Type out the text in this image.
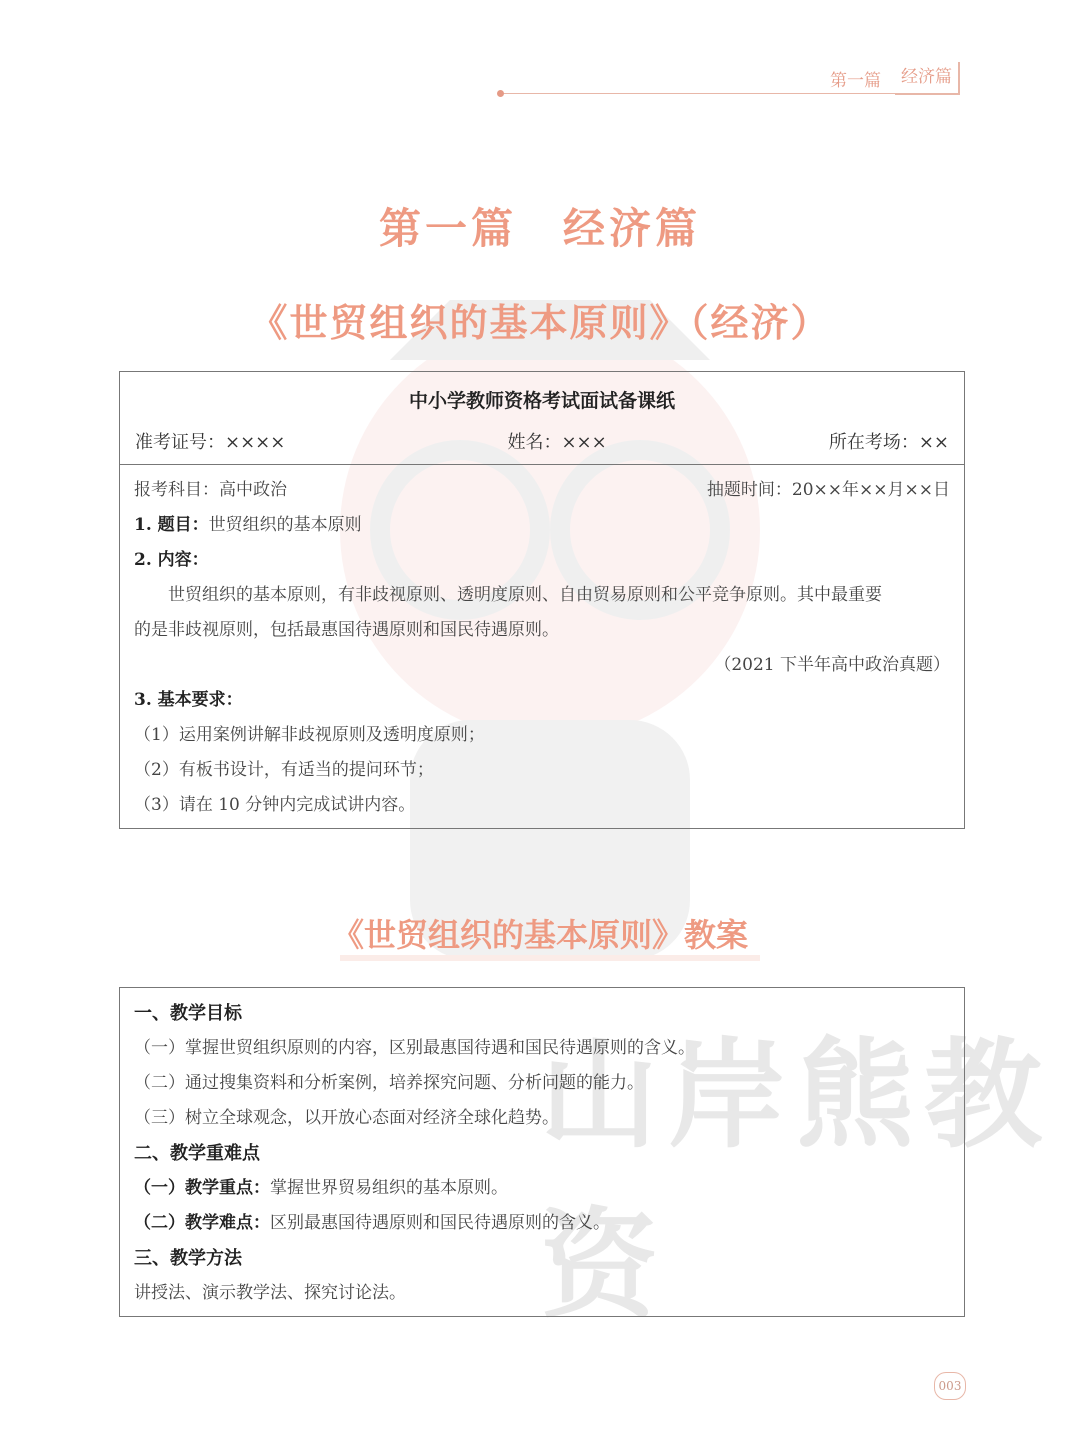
山岸熊教资
第一篇	经济篇
第一篇　经济篇
《世贸组织的基本原则》（经济）
中小学教师资格考试面试备课纸
准考证号：××××	姓名：×××	所在考场：××
报考科目：高中政治	抽题时间：20××年××月××日
1. 题目：世贸组织的基本原则
2. 内容：
世贸组织的基本原则，有非歧视原则、透明度原则、自由贸易原则和公平竞争原则。其中最重要
的是非歧视原则，包括最惠国待遇原则和国民待遇原则。
（2021 下半年高中政治真题）
3. 基本要求：
（1）运用案例讲解非歧视原则及透明度原则；
（2）有板书设计，有适当的提问环节；
（3）请在 10 分钟内完成试讲内容。
《世贸组织的基本原则》教案
一、教学目标
（一）掌握世贸组织原则的内容，区别最惠国待遇和国民待遇原则的含义。
（二）通过搜集资料和分析案例，培养探究问题、分析问题的能力。
（三）树立全球观念，以开放心态面对经济全球化趋势。
二、教学重难点
（一）教学重点：掌握世界贸易组织的基本原则。
（二）教学难点：区别最惠国待遇原则和国民待遇原则的含义。
三、教学方法
讲授法、演示教学法、探究讨论法。
003
